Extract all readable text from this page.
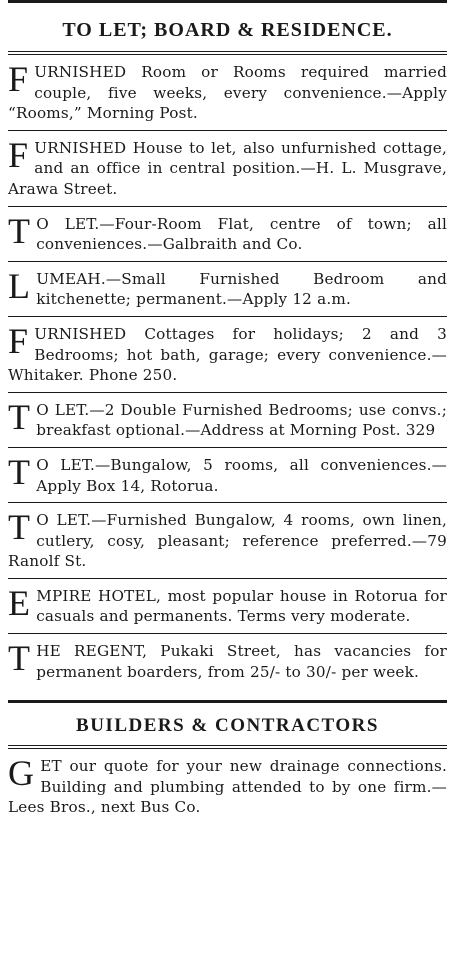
TO LET; BOARD & RESIDENCE.
FURNISHED Room or Rooms required married couple, five weeks, every convenience.—Apply “Rooms,” Morning Post.
FURNISHED House to let, also unfurnished cottage, and an office in central position.—H. L. Musgrave, Arawa Street.
T O LET.—Four-Room Flat, centre of town; all conveniences.—Galbraith and Co.
LUMEAH.—Small Furnished Bedroom and kitchenette; permanent.—Apply 12 a.m.
FURNISHED Cottages for holidays; 2 and 3 Bedrooms; hot bath, garage; every convenience.—Whitaker. Phone 250.
T O LET.—2 Double Furnished Bedrooms; use convs.; breakfast optional.—Address at Morning Post. 329
T O LET.—Bungalow, 5 rooms, all conveniences.—Apply Box 14, Rotorua.
T O LET.—Furnished Bungalow, 4 rooms, own linen, cutlery, cosy, pleasant; reference preferred.—79 Ranolf St.
EMPIRE HOTEL, most popular house in Rotorua for casuals and permanents. Terms very moderate.
THE REGENT, Pukaki Street, has vacancies for permanent boarders, from 25/- to 30/- per week.
BUILDERS & CONTRACTORS
GET our quote for your new drainage connections. Building and plumbing attended to by one firm.—Lees Bros., next Bus Co.
